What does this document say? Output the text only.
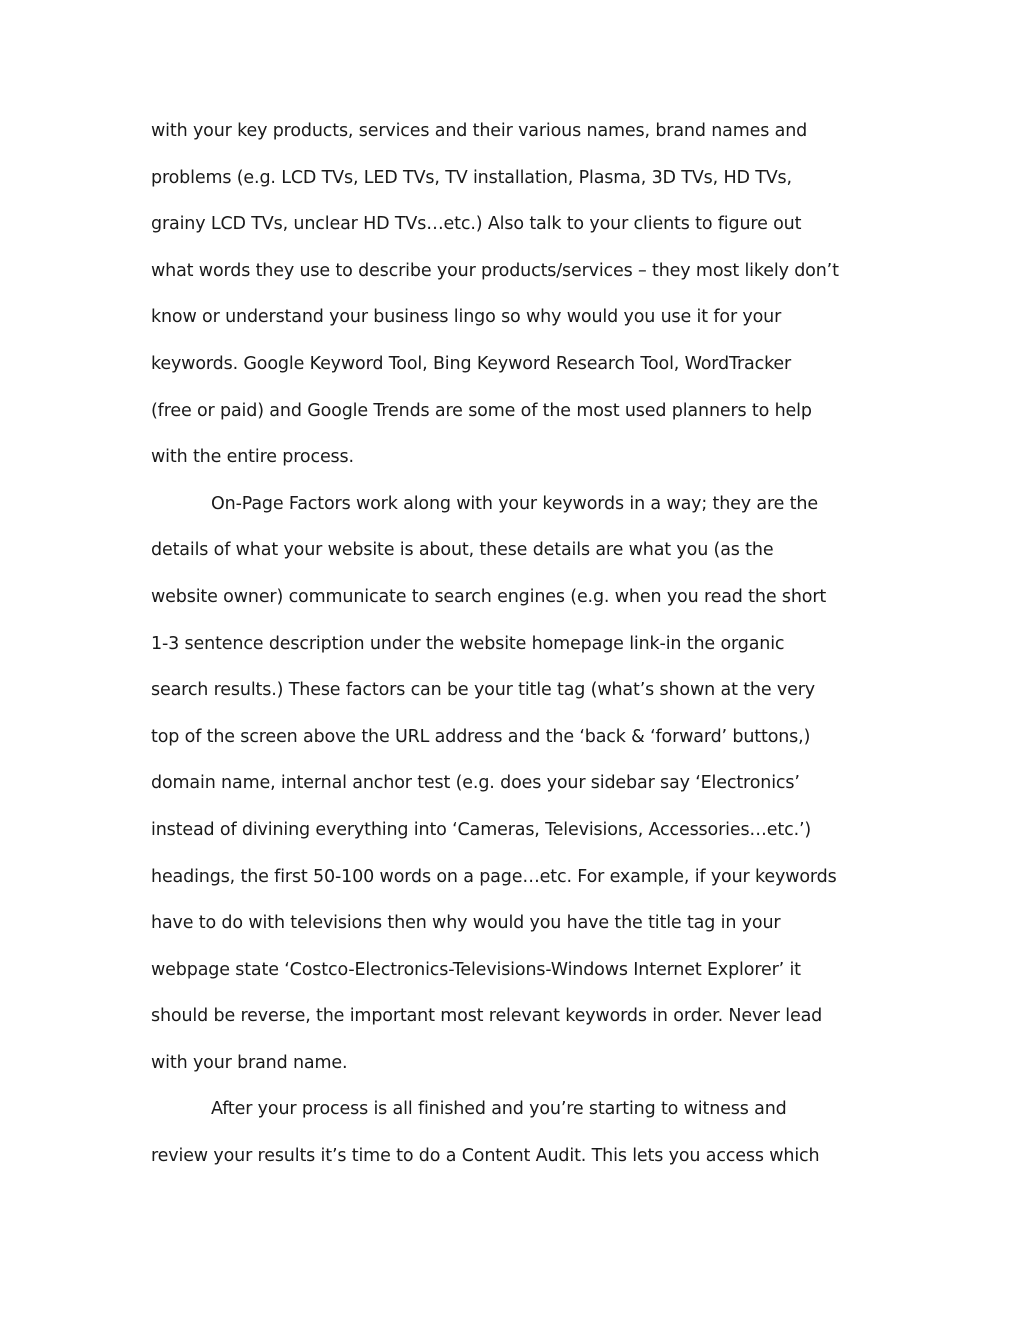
with your key products, services and their various names, brand names and
problems (e.g. LCD TVs, LED TVs, TV installation, Plasma, 3D TVs, HD TVs,
grainy LCD TVs, unclear HD TVs…etc.) Also talk to your clients to figure out
what words they use to describe your products/services – they most likely don’t
know or understand your business lingo so why would you use it for your
keywords. Google Keyword Tool, Bing Keyword Research Tool, WordTracker
(free or paid) and Google Trends are some of the most used planners to help
with the entire process.
On-Page Factors work along with your keywords in a way; they are the
details of what your website is about, these details are what you (as the
website owner) communicate to search engines (e.g. when you read the short
1-3 sentence description under the website homepage link-in the organic
search results.) These factors can be your title tag (what’s shown at the very
top of the screen above the URL address and the ‘back & ‘forward’ buttons,)
domain name, internal anchor test (e.g. does your sidebar say ‘Electronics’
instead of divining everything into ‘Cameras, Televisions, Accessories…etc.’)
headings, the first 50-100 words on a page…etc. For example, if your keywords
have to do with televisions then why would you have the title tag in your
webpage state ‘Costco-Electronics-Televisions-Windows Internet Explorer’ it
should be reverse, the important most relevant keywords in order. Never lead
with your brand name.
After your process is all finished and you’re starting to witness and
review your results it’s time to do a Content Audit. This lets you access which
